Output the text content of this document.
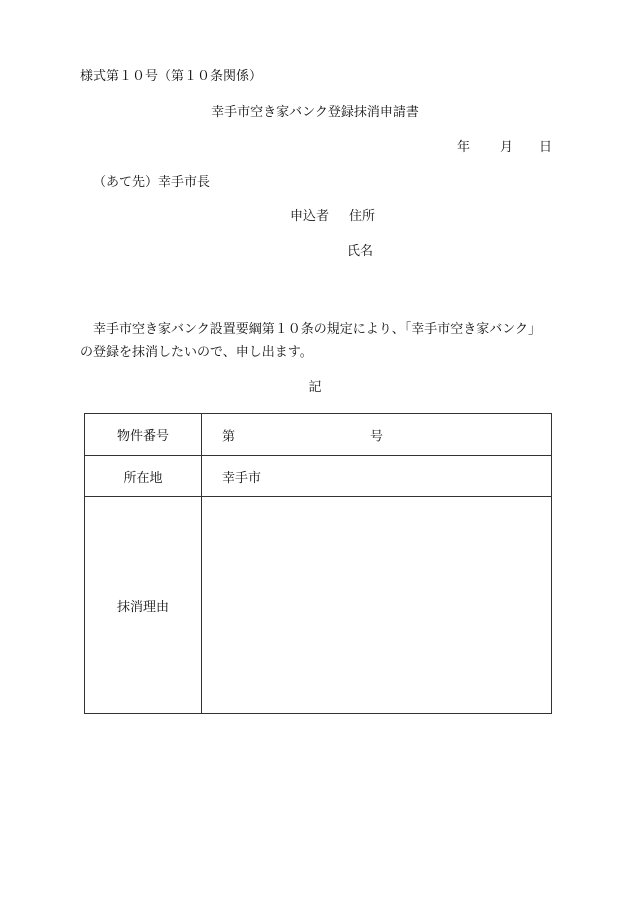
様式第１０号（第１０条関係）
幸手市空き家バンク登録抹消申請書
年 月 日
（あて先）幸手市長
申込者 住所
氏名
幸手市空き家バンク設置要綱第１０条の規定により、「幸手市空き家バンク」
の登録を抹消したいので、申し出ます。
記
物件番号	第 号

所在地	幸手市
抹消理由	
